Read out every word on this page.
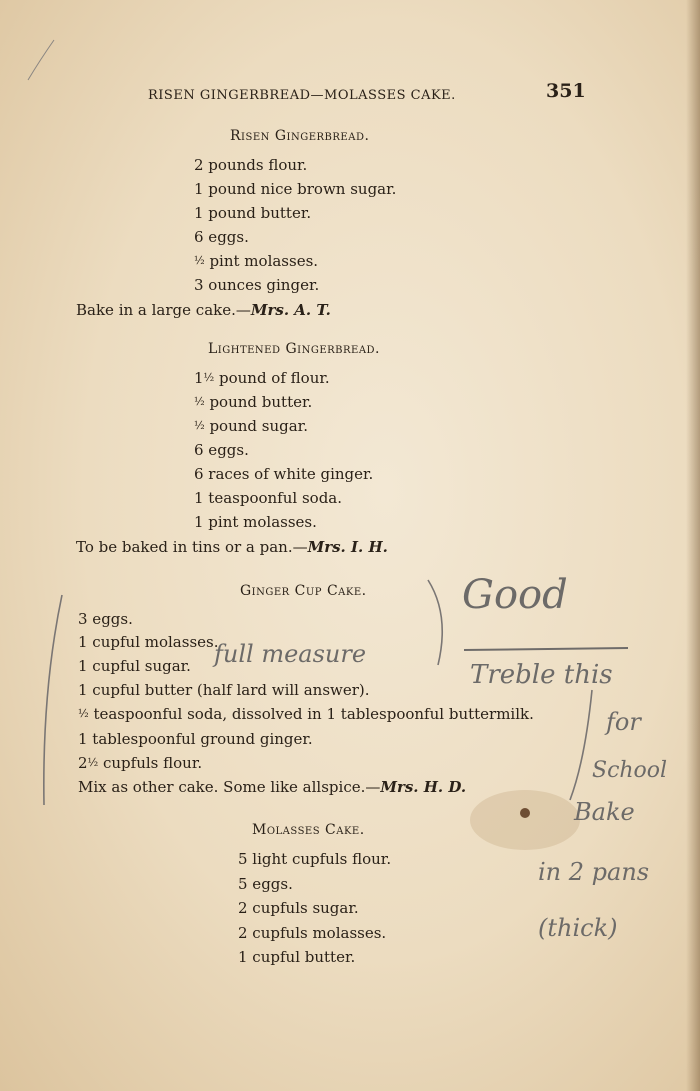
RISEN GINGERBREAD—MOLASSES CAKE.	351
Risen Gingerbread.
2 pounds flour.
1 pound nice brown sugar.
1 pound butter.
6 eggs.
½ pint molasses.
3 ounces ginger.
Bake in a large cake.—Mrs. A. T.
Lightened Gingerbread.
1½ pound of flour.
½ pound butter.
½ pound sugar.
6 eggs.
6 races of white ginger.
1 teaspoonful soda.
1 pint molasses.
To be baked in tins or a pan.—Mrs. I. H.
Ginger Cup Cake.
3 eggs.
1 cupful molasses.
1 cupful sugar.
1 cupful butter (half lard will answer).
½ teaspoonful soda, dissolved in 1 tablespoonful buttermilk.
1 tablespoonful ground ginger.
2½ cupfuls flour.
Mix as other cake. Some like allspice.—Mrs. H. D.
Molasses Cake.
5 light cupfuls flour.
5 eggs.
2 cupfuls sugar.
2 cupfuls molasses.
1 cupful butter.
Good
full measure
Treble this
for
School
Bake
in 2 pans
(thick)
